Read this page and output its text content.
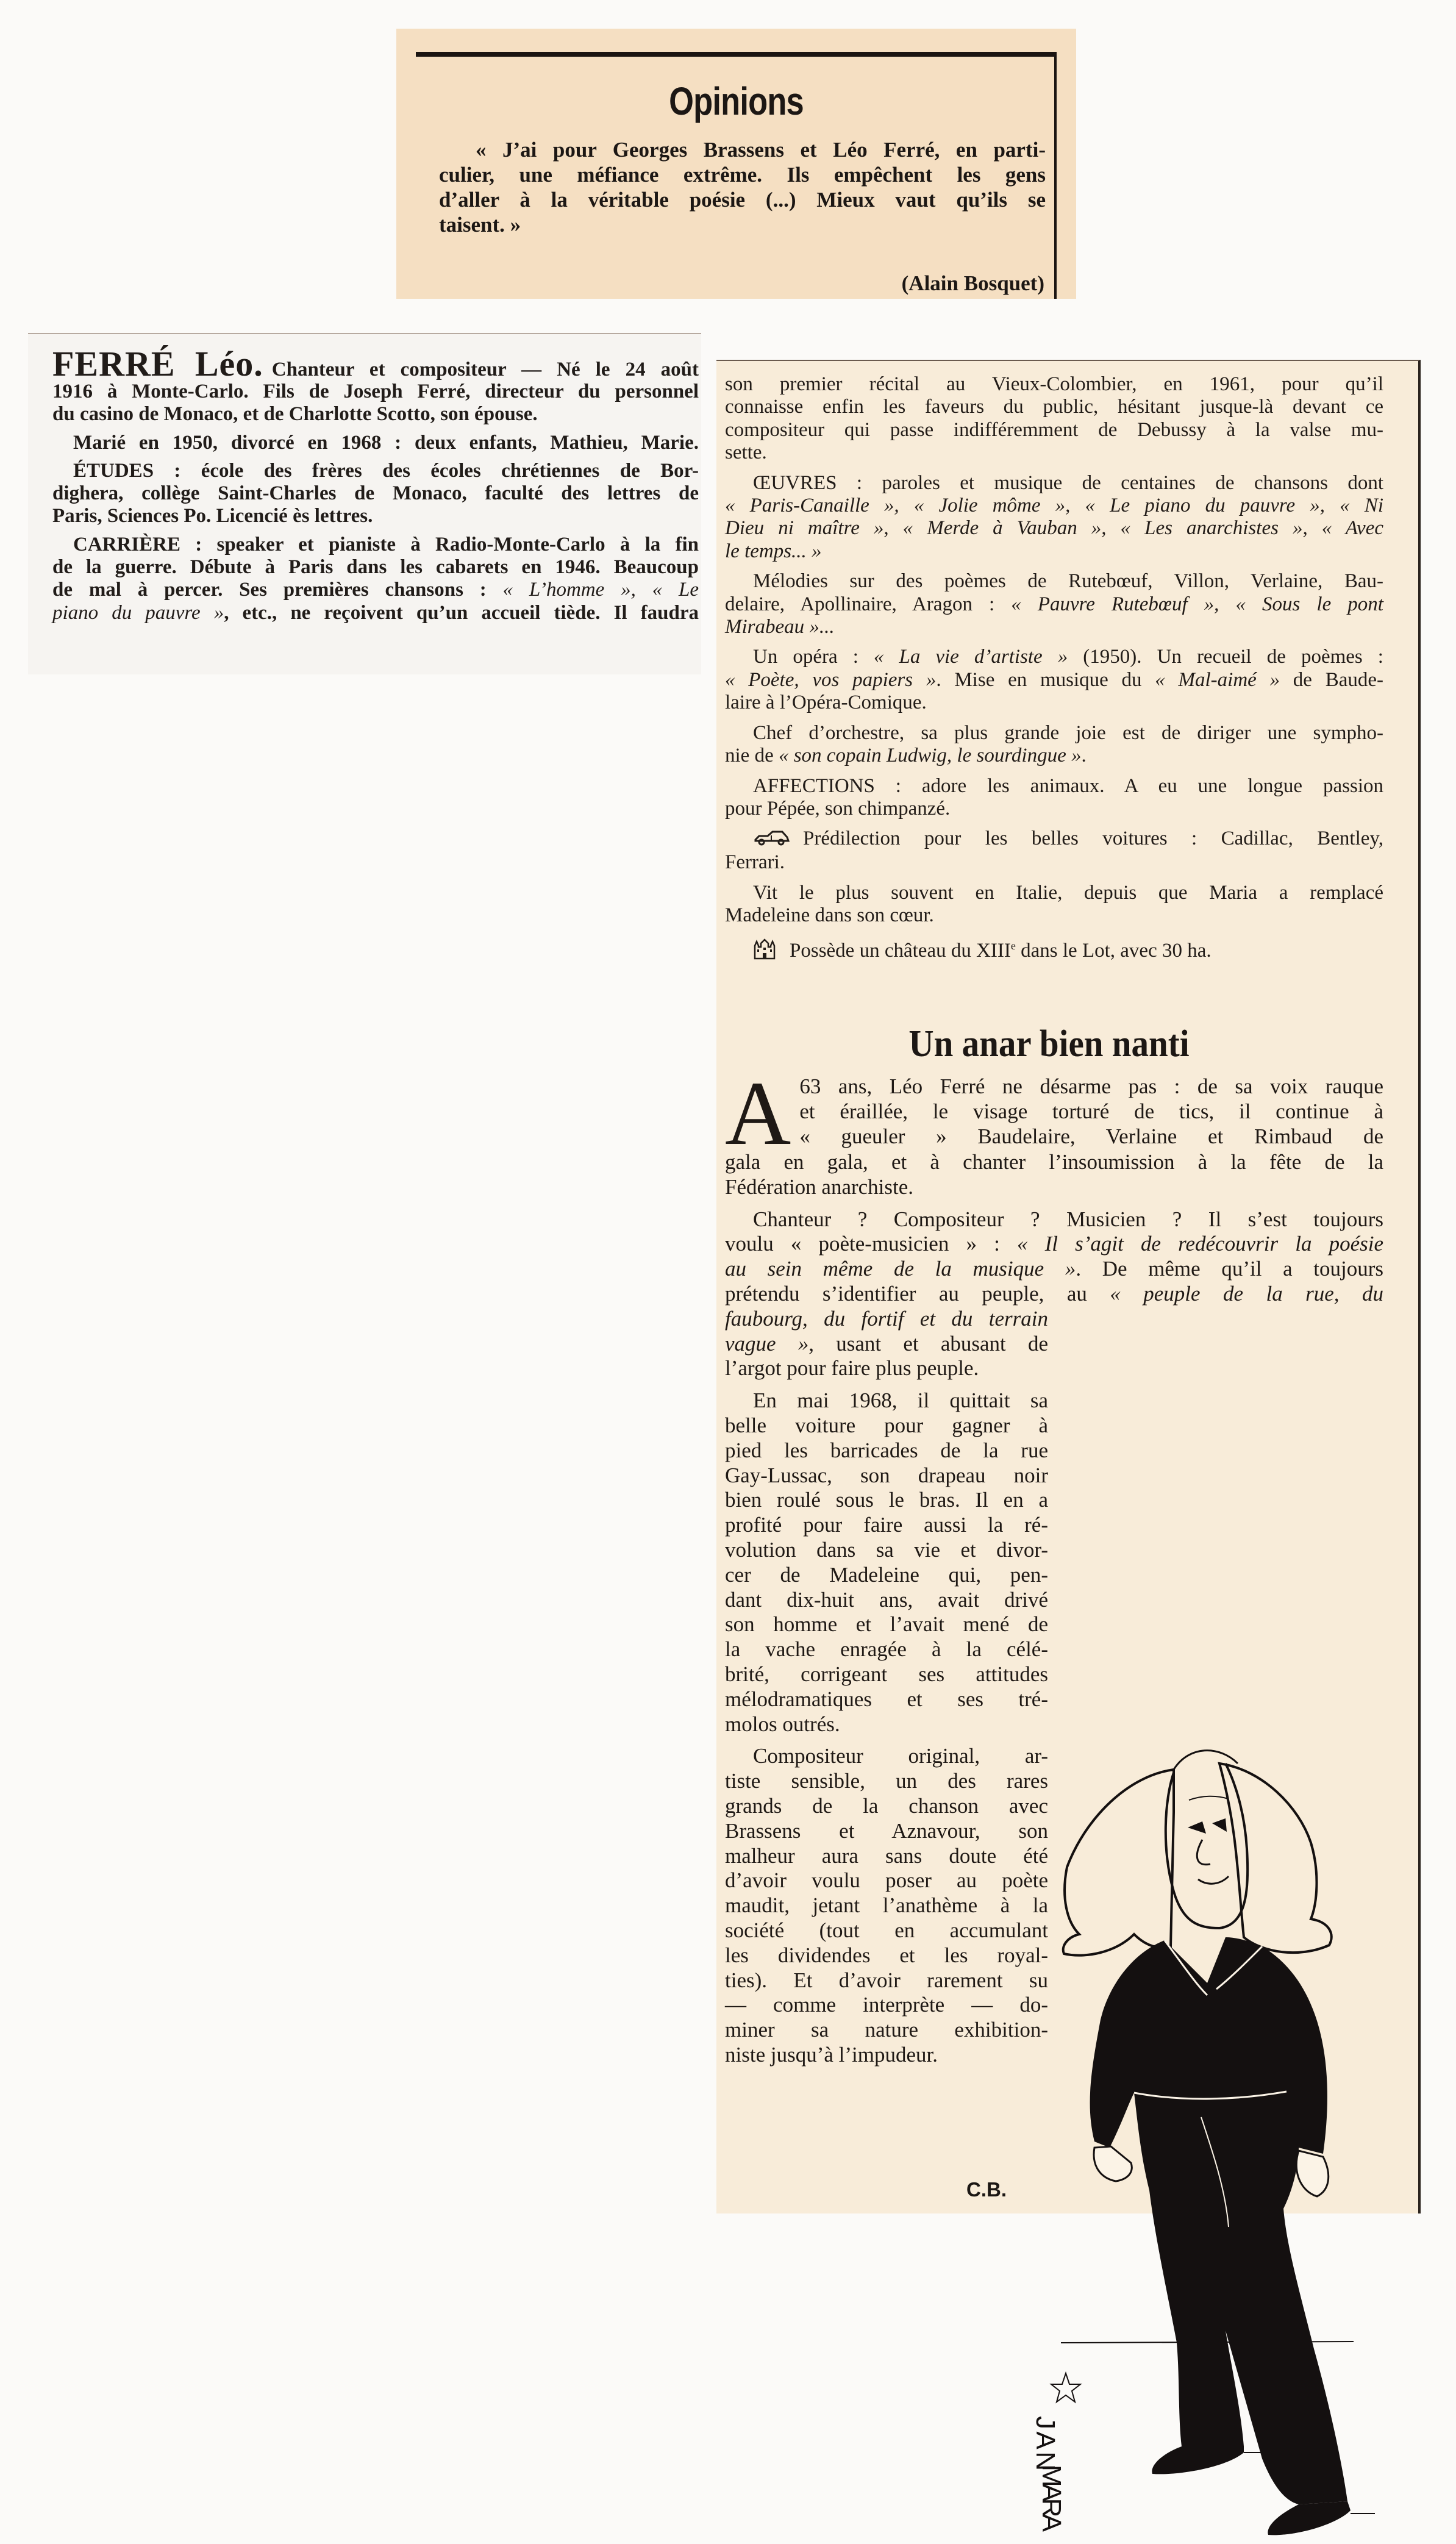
Opinions
« J’ai pour Georges Brassens et Léo Ferré, en parti-
culier, une méfiance extrême. Ils empêchent les gens
d’aller à la véritable poésie (...) Mieux vaut qu’ils se
taisent. »
(Alain Bosquet)
FERRÉ Léo. Chanteur et compositeur — Né le 24 août
1916 à Monte-Carlo. Fils de Joseph Ferré, directeur du personnel
du casino de Monaco, et de Charlotte Scotto, son épouse.
Marié en 1950, divorcé en 1968 : deux enfants, Mathieu, Marie.
ÉTUDES : école des frères des écoles chrétiennes de Bor-
dighera, collège Saint-Charles de Monaco, faculté des lettres de
Paris, Sciences Po. Licencié ès lettres.
CARRIÈRE : speaker et pianiste à Radio-Monte-Carlo à la fin
de la guerre. Débute à Paris dans les cabarets en 1946. Beaucoup
de mal à percer. Ses premières chansons : « L’homme », « Le
piano du pauvre », etc., ne reçoivent qu’un accueil tiède. Il faudra
son premier récital au Vieux-Colombier, en 1961, pour qu’il
connaisse enfin les faveurs du public, hésitant jusque-là devant ce
compositeur qui passe indifféremment de Debussy à la valse mu-
sette.
ŒUVRES : paroles et musique de centaines de chansons dont
« Paris-Canaille », « Jolie môme », « Le piano du pauvre », « Ni
Dieu ni maître », « Merde à Vauban », « Les anarchistes », « Avec
le temps... »
Mélodies sur des poèmes de Rutebœuf, Villon, Verlaine, Bau-
delaire, Apollinaire, Aragon : « Pauvre Rutebœuf », « Sous le pont
Mirabeau »...
Un opéra : « La vie d’artiste » (1950). Un recueil de poèmes :
« Poète, vos papiers ». Mise en musique du « Mal-aimé » de Baude-
laire à l’Opéra-Comique.
Chef d’orchestre, sa plus grande joie est de diriger une sympho-
nie de « son copain Ludwig, le sourdingue ».
AFFECTIONS : adore les animaux. A eu une longue passion
pour Pépée, son chimpanzé.
Prédilection pour les belles voitures : Cadillac, Bentley,
Ferrari.
Vit le plus souvent en Italie, depuis que Maria a remplacé
Madeleine dans son cœur.
Possède un château du XIIIe dans le Lot, avec 30 ha.
Un anar bien nanti
A 63 ans, Léo Ferré ne désarme pas : de sa voix rauque
et éraillée, le visage torturé de tics, il continue à
« gueuler » Baudelaire, Verlaine et Rimbaud de
gala en gala, et à chanter l’insoumission à la fête de la
Fédération anarchiste.
Chanteur ? Compositeur ? Musicien ? Il s’est toujours
voulu « poète-musicien » : « Il s’agit de redécouvrir la poésie
au sein même de la musique ». De même qu’il a toujours
prétendu s’identifier au peuple, au « peuple de la rue, du
faubourg, du fortif et du terrain
vague », usant et abusant de
l’argot pour faire plus peuple.
En mai 1968, il quittait sa
belle voiture pour gagner à
pied les barricades de la rue
Gay-Lussac, son drapeau noir
bien roulé sous le bras. Il en a
profité pour faire aussi la ré-
volution dans sa vie et divor-
cer de Madeleine qui, pen-
dant dix-huit ans, avait drivé
son homme et l’avait mené de
la vache enragée à la célé-
brité, corrigeant ses attitudes
mélodramatiques et ses tré-
molos outrés.
Compositeur original, ar-
tiste sensible, un des rares
grands de la chanson avec
Brassens et Aznavour, son
malheur aura sans doute été
d’avoir voulu poser au poète
maudit, jetant l’anathème à la
société (tout en accumulant
les dividendes et les royal-
ties). Et d’avoir rarement su
— comme interprète — do-
miner sa nature exhibition-
niste jusqu’à l’impudeur.
C.B.
JAN
MARA
